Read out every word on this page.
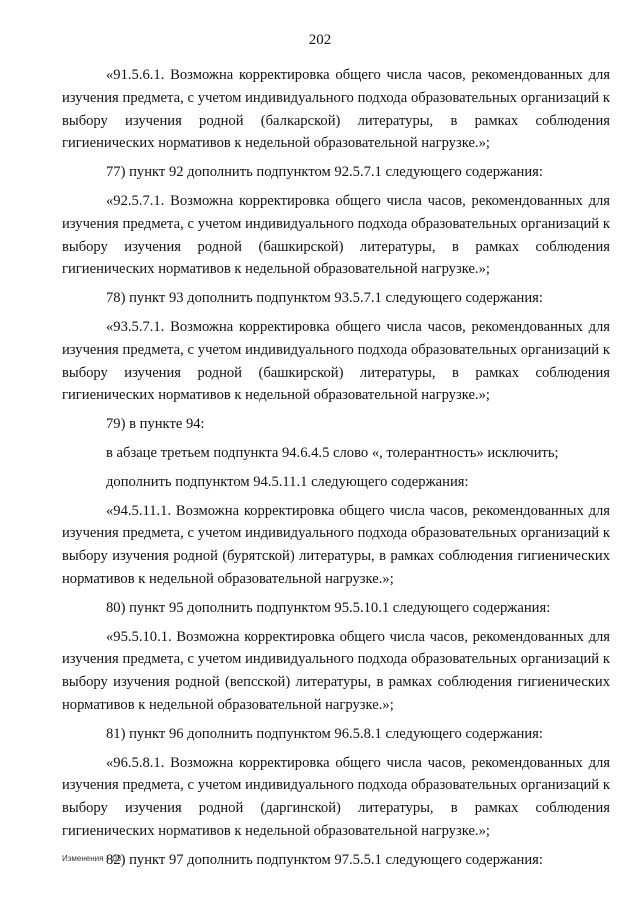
202

«91.5.6.1. Возможна корректировка общего числа часов, рекомендованных для изучения предмета, с учетом индивидуального подхода образовательных организаций к выбору изучения родной (балкарской) литературы, в рамках соблюдения гигиенических нормативов к недельной образовательной нагрузке.»;

77) пункт 92 дополнить подпунктом 92.5.7.1 следующего содержания:

«92.5.7.1. Возможна корректировка общего числа часов, рекомендованных для изучения предмета, с учетом индивидуального подхода образовательных организаций к выбору изучения родной (башкирской) литературы, в рамках соблюдения гигиенических нормативов к недельной образовательной нагрузке.»;

78) пункт 93 дополнить подпунктом 93.5.7.1 следующего содержания:

«93.5.7.1. Возможна корректировка общего числа часов, рекомендованных для изучения предмета, с учетом индивидуального подхода образовательных организаций к выбору изучения родной (башкирской) литературы, в рамках соблюдения гигиенических нормативов к недельной образовательной нагрузке.»;

79) в пункте 94:

в абзаце третьем подпункта 94.6.4.5 слово «, толерантность» исключить;

дополнить подпунктом 94.5.11.1 следующего содержания:

«94.5.11.1. Возможна корректировка общего числа часов, рекомендованных для изучения предмета, с учетом индивидуального подхода образовательных организаций к выбору изучения родной (бурятской) литературы, в рамках соблюдения гигиенических нормативов к недельной образовательной нагрузке.»;

80) пункт 95 дополнить подпунктом 95.5.10.1 следующего содержания:

«95.5.10.1. Возможна корректировка общего числа часов, рекомендованных для изучения предмета, с учетом индивидуального подхода образовательных организаций к выбору изучения родной (вепсской) литературы, в рамках соблюдения гигиенических нормативов к недельной образовательной нагрузке.»;

81) пункт 96 дополнить подпунктом 96.5.8.1 следующего содержания:

«96.5.8.1. Возможна корректировка общего числа часов, рекомендованных для изучения предмета, с учетом индивидуального подхода образовательных организаций к выбору изучения родной (даргинской) литературы, в рамках соблюдения гигиенических нормативов к недельной образовательной нагрузке.»;

82) пункт 97 дополнить подпунктом 97.5.5.1 следующего содержания:

Изменения – 03
